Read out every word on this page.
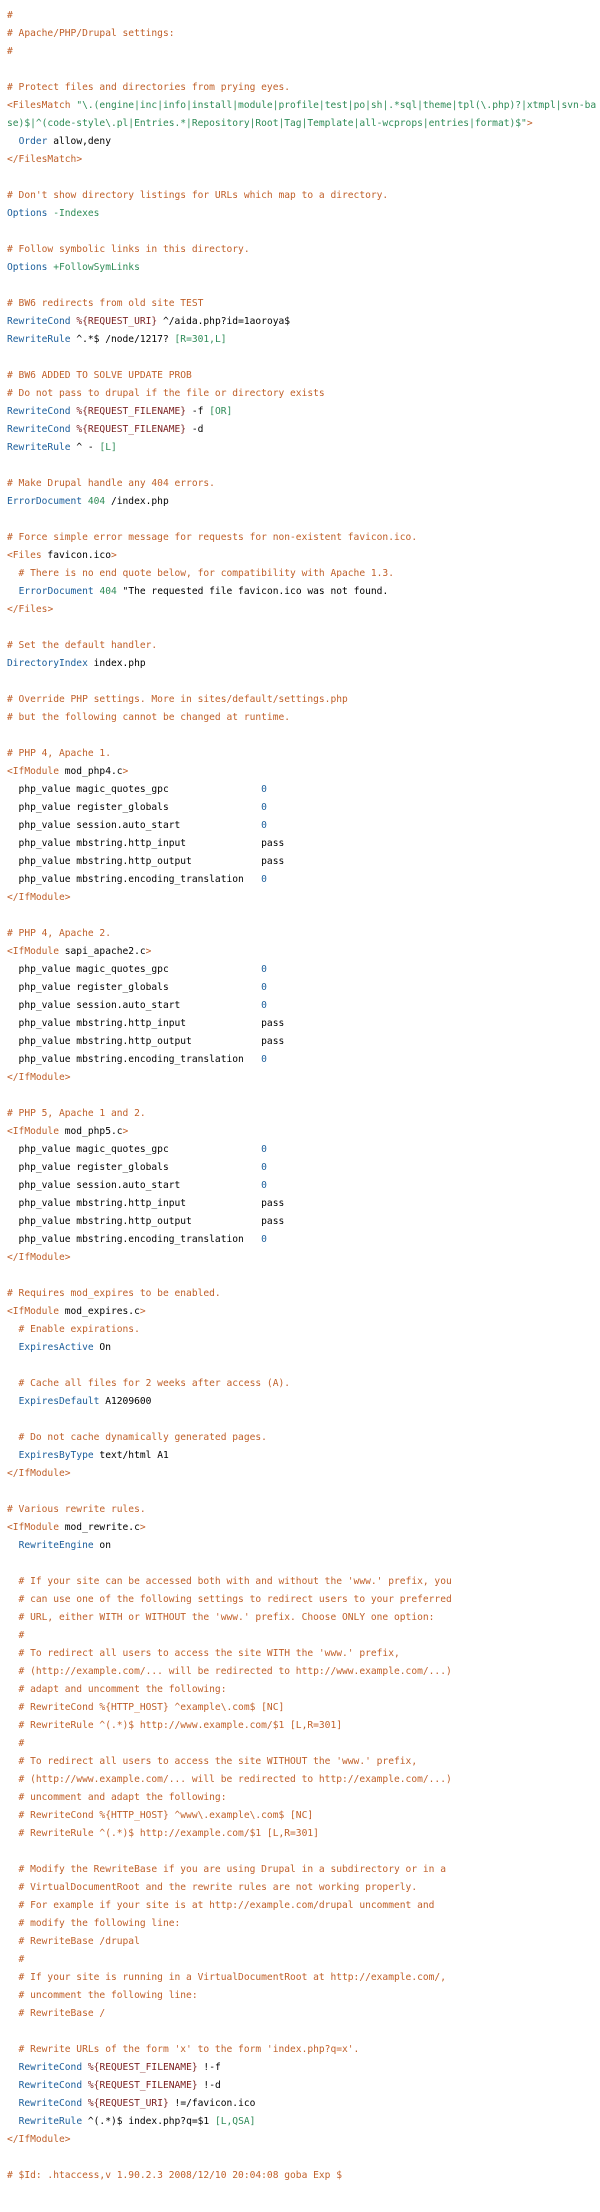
#
# Apache/PHP/Drupal settings:
#
# Protect files and directories from prying eyes.
<FilesMatch "\.(engine|inc|info|install|module|profile|test|po|sh|.*sql|theme|tpl(\.php)?|xtmpl|svn-base)$|^(code-style\.pl|Entries.*|Repository|Root|Tag|Template|all-wcprops|entries|format)$">
Order allow,deny
</FilesMatch>
# Don't show directory listings for URLs which map to a directory.
Options -Indexes
# Follow symbolic links in this directory.
Options +FollowSymLinks
# BW6 redirects from old site TEST
RewriteCond %{REQUEST_URI} ^/aida.php?id=1aoroya$
RewriteRule ^.*$ /node/1217? [R=301,L]
# BW6 ADDED TO SOLVE UPDATE PROB
# Do not pass to drupal if the file or directory exists
RewriteCond %{REQUEST_FILENAME} -f [OR]
RewriteCond %{REQUEST_FILENAME} -d
RewriteRule ^ - [L]
# Make Drupal handle any 404 errors.
ErrorDocument 404 /index.php
# Force simple error message for requests for non-existent favicon.ico.
<Files favicon.ico>
# There is no end quote below, for compatibility with Apache 1.3.
ErrorDocument 404 "The requested file favicon.ico was not found.
</Files>
# Set the default handler.
DirectoryIndex index.php
# Override PHP settings. More in sites/default/settings.php
# but the following cannot be changed at runtime.
# PHP 4, Apache 1.
<IfModule mod_php4.c>
php_value magic_quotes_gpc                0
php_value register_globals                0
php_value session.auto_start              0
php_value mbstring.http_input             pass
php_value mbstring.http_output            pass
php_value mbstring.encoding_translation   0
</IfModule>
# PHP 4, Apache 2.
<IfModule sapi_apache2.c>
php_value magic_quotes_gpc                0
php_value register_globals                0
php_value session.auto_start              0
php_value mbstring.http_input             pass
php_value mbstring.http_output            pass
php_value mbstring.encoding_translation   0
</IfModule>
# PHP 5, Apache 1 and 2.
<IfModule mod_php5.c>
php_value magic_quotes_gpc                0
php_value register_globals                0
php_value session.auto_start              0
php_value mbstring.http_input             pass
php_value mbstring.http_output            pass
php_value mbstring.encoding_translation   0
</IfModule>
# Requires mod_expires to be enabled.
<IfModule mod_expires.c>
# Enable expirations.
ExpiresActive On
# Cache all files for 2 weeks after access (A).
ExpiresDefault A1209600
# Do not cache dynamically generated pages.
ExpiresByType text/html A1
</IfModule>
# Various rewrite rules.
<IfModule mod_rewrite.c>
RewriteEngine on
# If your site can be accessed both with and without the 'www.' prefix, you
# can use one of the following settings to redirect users to your preferred
# URL, either WITH or WITHOUT the 'www.' prefix. Choose ONLY one option:
#
# To redirect all users to access the site WITH the 'www.' prefix,
# (http://example.com/... will be redirected to http://www.example.com/...)
# adapt and uncomment the following:
# RewriteCond %{HTTP_HOST} ^example\.com$ [NC]
# RewriteRule ^(.*)$ http://www.example.com/$1 [L,R=301]
#
# To redirect all users to access the site WITHOUT the 'www.' prefix,
# (http://www.example.com/... will be redirected to http://example.com/...)
# uncomment and adapt the following:
# RewriteCond %{HTTP_HOST} ^www\.example\.com$ [NC]
# RewriteRule ^(.*)$ http://example.com/$1 [L,R=301]
# Modify the RewriteBase if you are using Drupal in a subdirectory or in a
# VirtualDocumentRoot and the rewrite rules are not working properly.
# For example if your site is at http://example.com/drupal uncomment and
# modify the following line:
# RewriteBase /drupal
#
# If your site is running in a VirtualDocumentRoot at http://example.com/,
# uncomment the following line:
# RewriteBase /
# Rewrite URLs of the form 'x' to the form 'index.php?q=x'.
RewriteCond %{REQUEST_FILENAME} !-f
RewriteCond %{REQUEST_FILENAME} !-d
RewriteCond %{REQUEST_URI} !=/favicon.ico
RewriteRule ^(.*)$ index.php?q=$1 [L,QSA]
</IfModule>
# $Id: .htaccess,v 1.90.2.3 2008/12/10 20:04:08 goba Exp $
